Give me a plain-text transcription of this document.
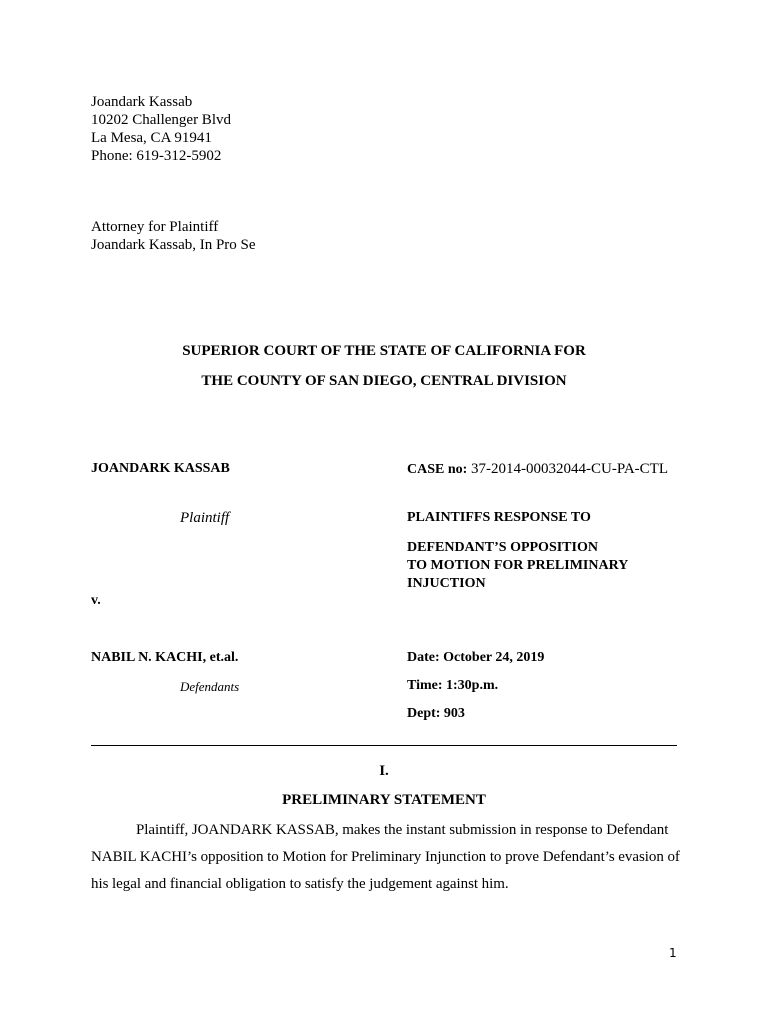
Joandark Kassab
10202 Challenger Blvd
La Mesa, CA 91941
Phone: 619-312-5902
Attorney for Plaintiff
Joandark Kassab, In Pro Se
SUPERIOR COURT OF THE STATE OF CALIFORNIA FOR
THE COUNTY OF SAN DIEGO, CENTRAL DIVISION
JOANDARK KASSAB
Plaintiff
v.
NABIL N. KACHI, et.al.
Defendants
CASE no: 37-2014-00032044-CU-PA-CTL
PLAINTIFFS RESPONSE TO
DEFENDANT’S OPPOSITION
TO MOTION FOR PRELIMINARY
INJUCTION
Date: October 24, 2019
Time: 1:30p.m.
Dept: 903
I.
PRELIMINARY STATEMENT
Plaintiff, JOANDARK KASSAB, makes the instant submission in response to Defendant NABIL KACHI’s opposition to Motion for Preliminary Injunction to prove Defendant’s evasion of his legal and financial obligation to satisfy the judgement against him.
1
